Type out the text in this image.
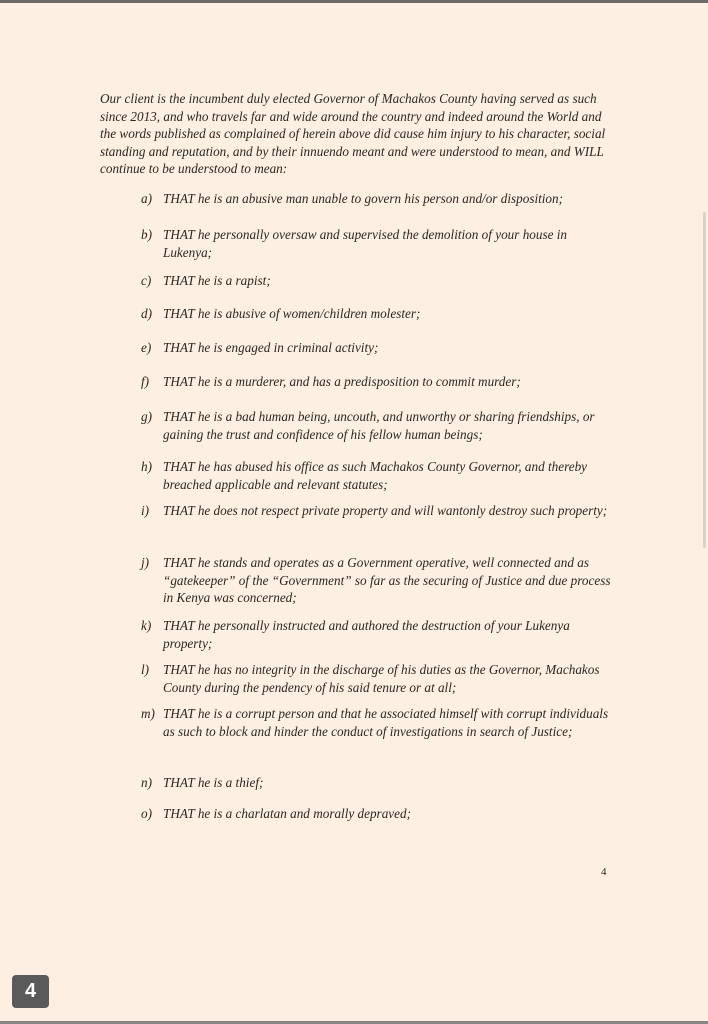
Our client is the incumbent duly elected Governor of Machakos County having served as such since 2013, and who travels far and wide around the country and indeed around the World and the words published as complained of herein above did cause him injury to his character, social standing and reputation, and by their innuendo meant and were understood to mean, and WILL continue to be understood to mean:

a) THAT he is an abusive man unable to govern his person and/or disposition;
b) THAT he personally oversaw and supervised the demolition of your house in Lukenya;
c) THAT he is a rapist;
d) THAT he is abusive of women/children molester;
e) THAT he is engaged in criminal activity;
f)	THAT he is a murderer, and has a predisposition to commit murder;
g) THAT he is a bad human being, uncouth, and unworthy or sharing friendships, or gaining the trust and confidence of his fellow human beings;
h) THAT he has abused his office as such Machakos County Governor, and thereby breached applicable and relevant statutes;
i)	THAT he does not respect private property and will wantonly destroy such property;
j)	THAT he stands and operates as a Government operative, well connected and as “gatekeeper” of the “Government” so far as the securing of Justice and due process in Kenya was concerned;
k) THAT he personally instructed and authored the destruction of your Lukenya property;
l)	THAT he has no integrity in the discharge of his duties as the Governor, Machakos County during the pendency of his said tenure or at all;
m) THAT he is a corrupt person and that he associated himself with corrupt individuals as such to block and hinder the conduct of investigations in search of Justice;
n) THAT he is a thief;
o) THAT he is a charlatan and morally depraved;
4
4
